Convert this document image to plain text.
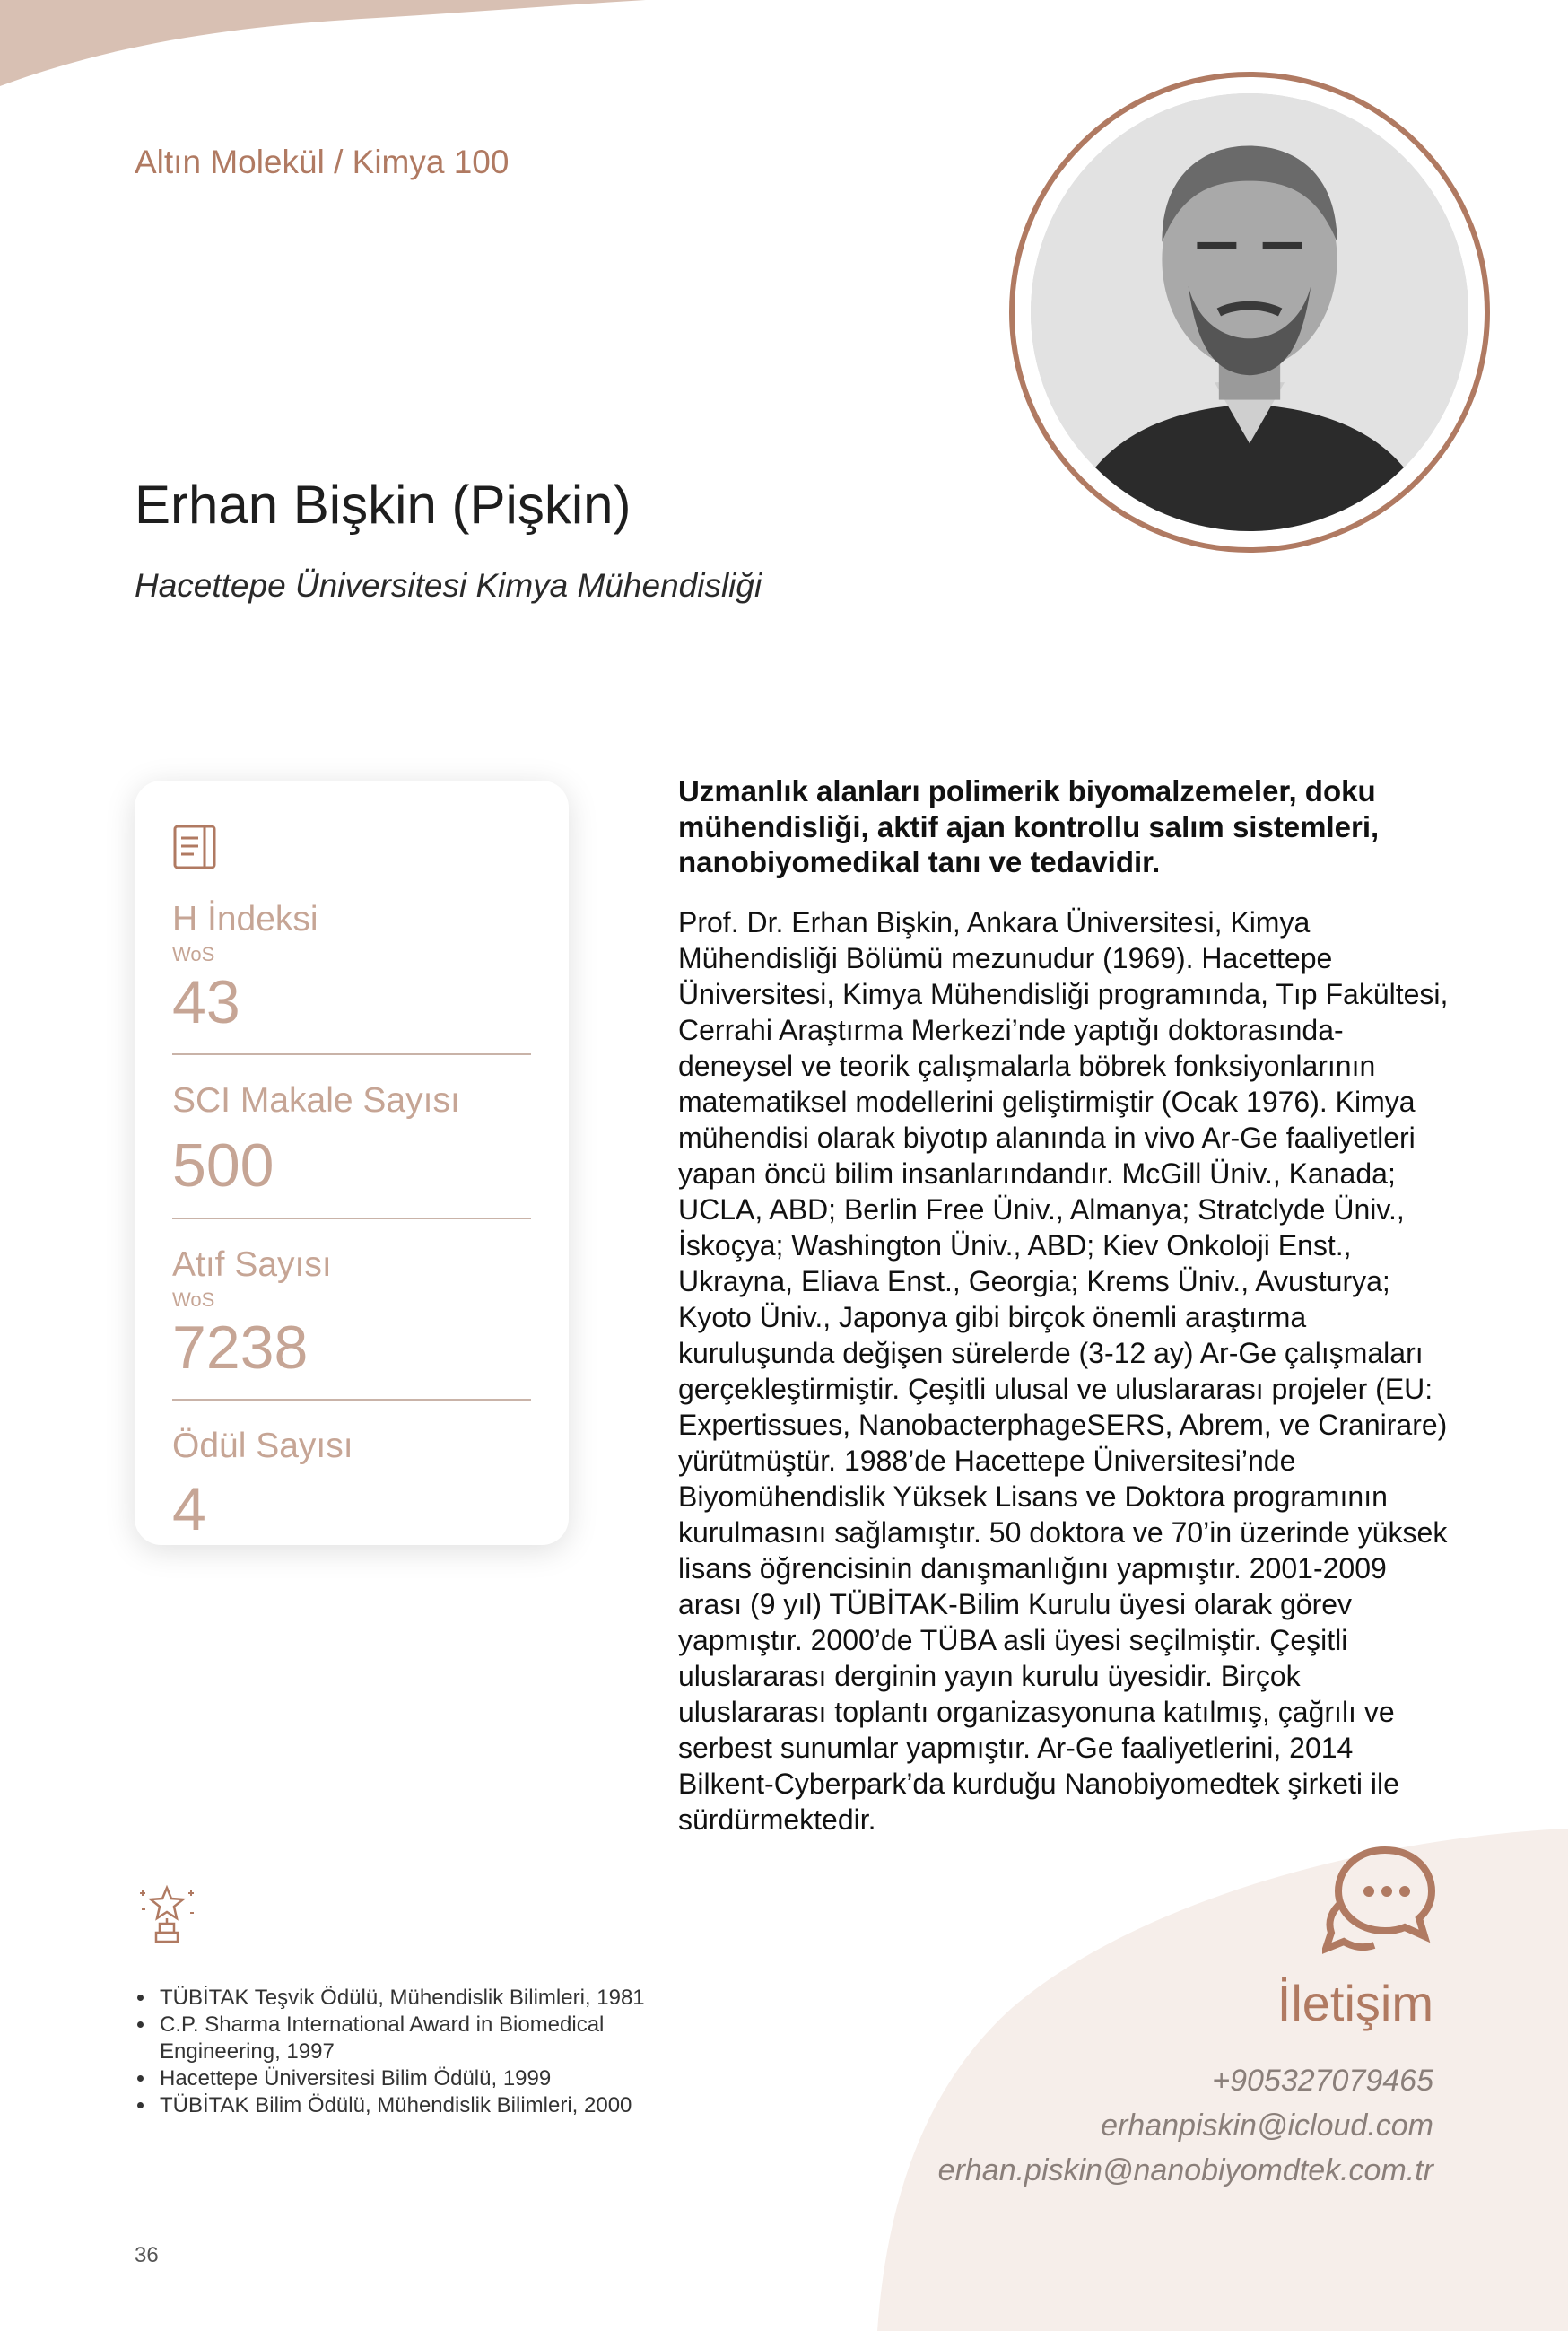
Altın Molekül / Kimya 100
Erhan Bişkin (Pişkin)
Hacettepe Üniversitesi Kimya Mühendisliği
H İndeksi
WoS
43
SCI Makale Sayısı
500
Atıf Sayısı
WoS
7238
Ödül Sayısı
4

Uzmanlık alanları polimerik biyomalzemeler, doku mühendisliği, aktif ajan kontrollu salım sistemleri, nanobiyomedikal tanı ve tedavidir.

Prof. Dr. Erhan Bişkin, Ankara Üniversitesi, Kimya Mühendisliği Bölümü mezunudur (1969). Hacettepe Üniversitesi, Kimya Mühendisliği programında, Tıp Fakültesi, Cerrahi Araştırma Merkezi’nde yaptığı doktorasında-deneysel ve teorik çalışmalarla böbrek fonksiyonlarının matematiksel modellerini geliştirmiştir (Ocak 1976). Kimya mühendisi olarak biyotıp alanında in vivo Ar-Ge faaliyetleri yapan öncü bilim insanlarındandır. McGill Üniv., Kanada; UCLA, ABD; Berlin Free Üniv., Almanya; Stratclyde Üniv., İskoçya; Washington Üniv., ABD; Kiev Onkoloji Enst., Ukrayna, Eliava Enst., Georgia; Krems Üniv., Avusturya; Kyoto Üniv., Japonya gibi birçok önemli araştırma kuruluşunda değişen sürelerde (3-12 ay) Ar-Ge çalışmaları gerçekleştirmiştir. Çeşitli ulusal ve uluslararası projeler (EU: Expertissues, NanobacterphageSERS, Abrem, ve Cranirare) yürütmüştür. 1988’de Hacettepe Üniversitesi’nde Biyomühendislik Yüksek Lisans ve Doktora programının kurulmasını sağlamıştır. 50 doktora ve 70’in üzerinde yüksek lisans öğrencisinin danışmanlığını yapmıştır. 2001-2009 arası (9 yıl) TÜBİTAK-Bilim Kurulu üyesi olarak görev yapmıştır. 2000’de TÜBA asli üyesi seçilmiştir. Çeşitli uluslararası derginin yayın kurulu üyesidir. Birçok uluslararası toplantı organizasyonuna katılmış, çağrılı ve serbest sunumlar yapmıştır. Ar-Ge faaliyetlerini, 2014 Bilkent-Cyberpark’da kurduğu Nanobiyomedtek şirketi ile sürdürmektedir.

• TÜBİTAK Teşvik Ödülü, Mühendislik Bilimleri, 1981
• C.P. Sharma International Award in Biomedical Engineering, 1997
• Hacettepe Üniversitesi Bilim Ödülü, 1999
• TÜBİTAK Bilim Ödülü, Mühendislik Bilimleri, 2000
İletişim
+905327079465
erhanpiskin@icloud.com
erhan.piskin@nanobiyomdtek.com.tr
36
